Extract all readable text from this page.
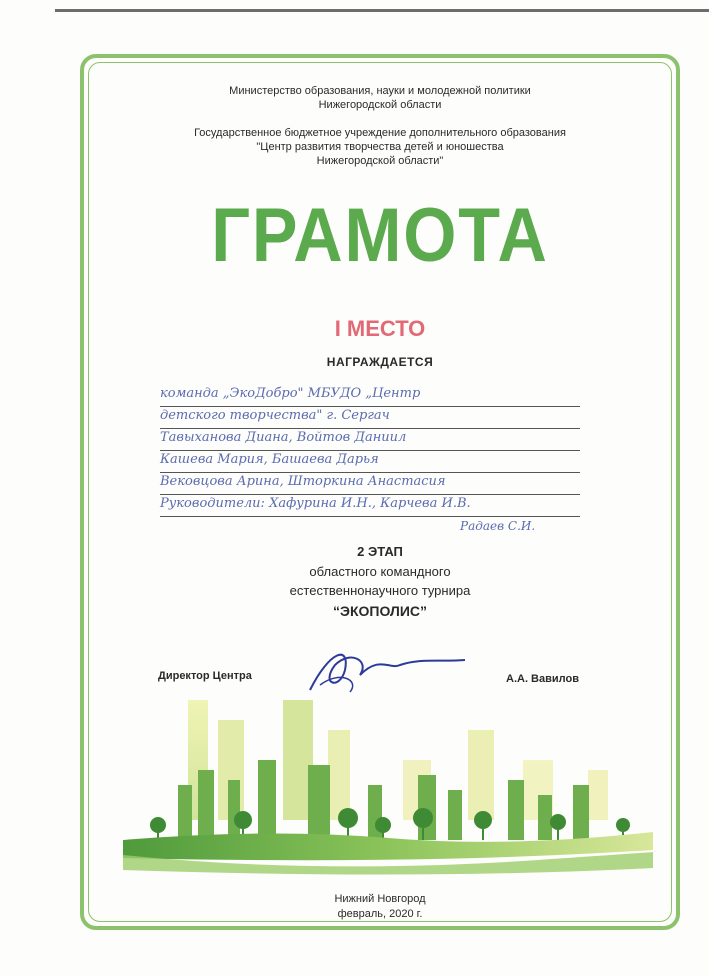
Министерство образования, науки и молодежной политики
Нижегородской области
Государственное бюджетное учреждение дополнительного образования
"Центр развития творчества детей и юношества
Нижегородской области"
ГРАМОТА
I МЕСТО
НАГРАЖДАЕТСЯ
команда „ЭкоДобро" МБУДО „Центр
детского творчества" г. Сергач
Тавыханова Диана, Войтов Даниил
Кашева Мария, Башаева Дарья
Вековцова Арина, Шторкина Анастасия
Руководители: Хафурина И.Н., Карчева И.В.
Радаев С.И.
2 ЭТАП
областного командного
естественнонаучного турнира
“ЭКОПОЛИС”
Директор Центра	А.А. Вавилов
Нижний Новгород
февраль, 2020 г.
